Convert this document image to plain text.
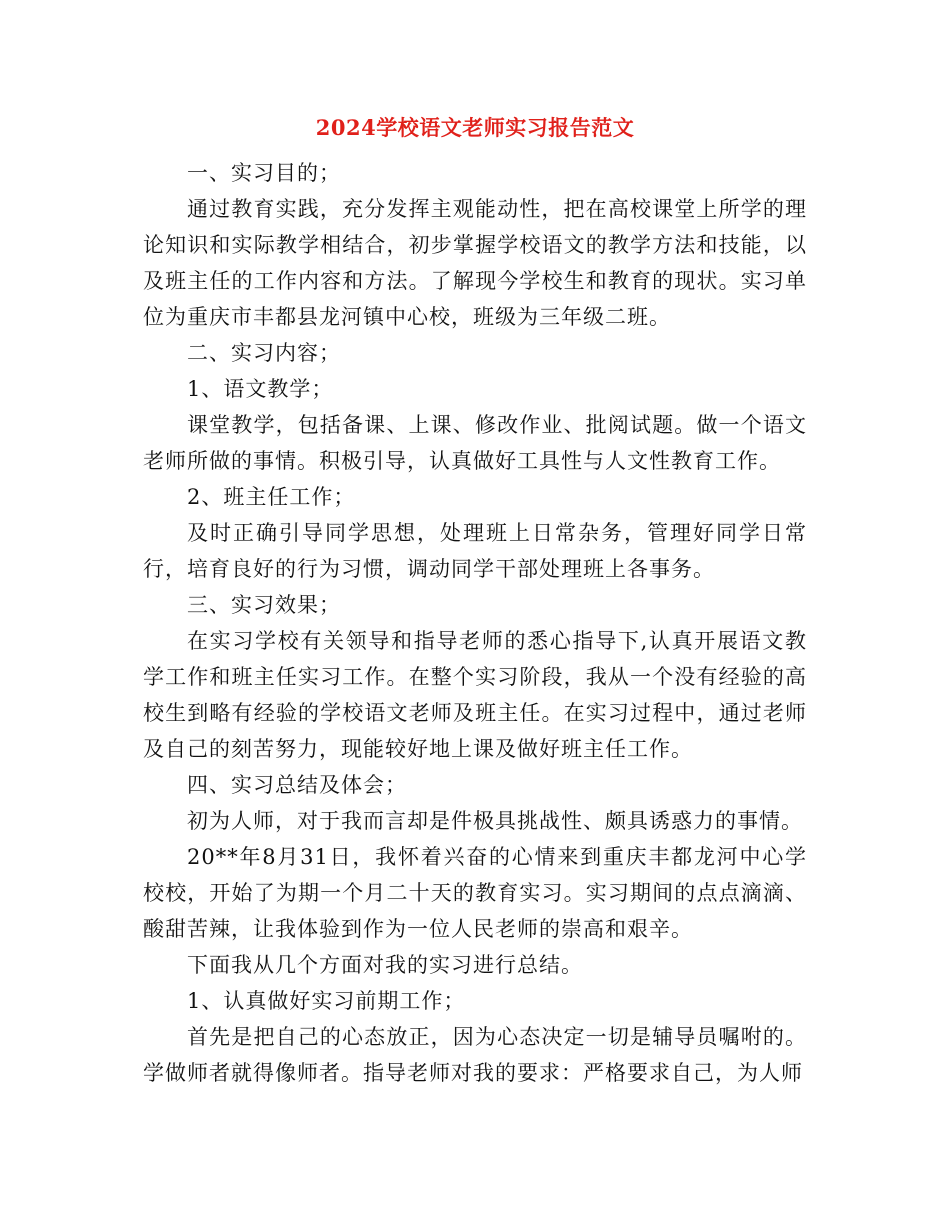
2024学校语文老师实习报告范文

一、实习目的；

通过教育实践，充分发挥主观能动性，把在高校课堂上所学的理论知识和实际教学相结合，初步掌握学校语文的教学方法和技能，以及班主任的工作内容和方法。了解现今学校生和教育的现状。实习单位为重庆市丰都县龙河镇中心校，班级为三年级二班。

二、实习内容；

1、语文教学；

课堂教学，包括备课、上课、修改作业、批阅试题。做一个语文老师所做的事情。积极引导，认真做好工具性与人文性教育工作。

2、班主任工作；

及时正确引导同学思想，处理班上日常杂务，管理好同学日常行，培育良好的行为习惯，调动同学干部处理班上各事务。

三、实习效果；

在实习学校有关领导和指导老师的悉心指导下,认真开展语文教学工作和班主任实习工作。在整个实习阶段，我从一个没有经验的高校生到略有经验的学校语文老师及班主任。在实习过程中，通过老师及自己的刻苦努力，现能较好地上课及做好班主任工作。

四、实习总结及体会；

初为人师，对于我而言却是件极具挑战性、颇具诱惑力的事情。

20**年8月31日，我怀着兴奋的心情来到重庆丰都龙河中心学校校，开始了为期一个月二十天的教育实习。实习期间的点点滴滴、酸甜苦辣，让我体验到作为一位人民老师的崇高和艰辛。

下面我从几个方面对我的实习进行总结。

1、认真做好实习前期工作；

首先是把自己的心态放正，因为心态决定一切是辅导员嘱咐的。学做师者就得像师者。指导老师对我的要求：严格要求自己，为人师
